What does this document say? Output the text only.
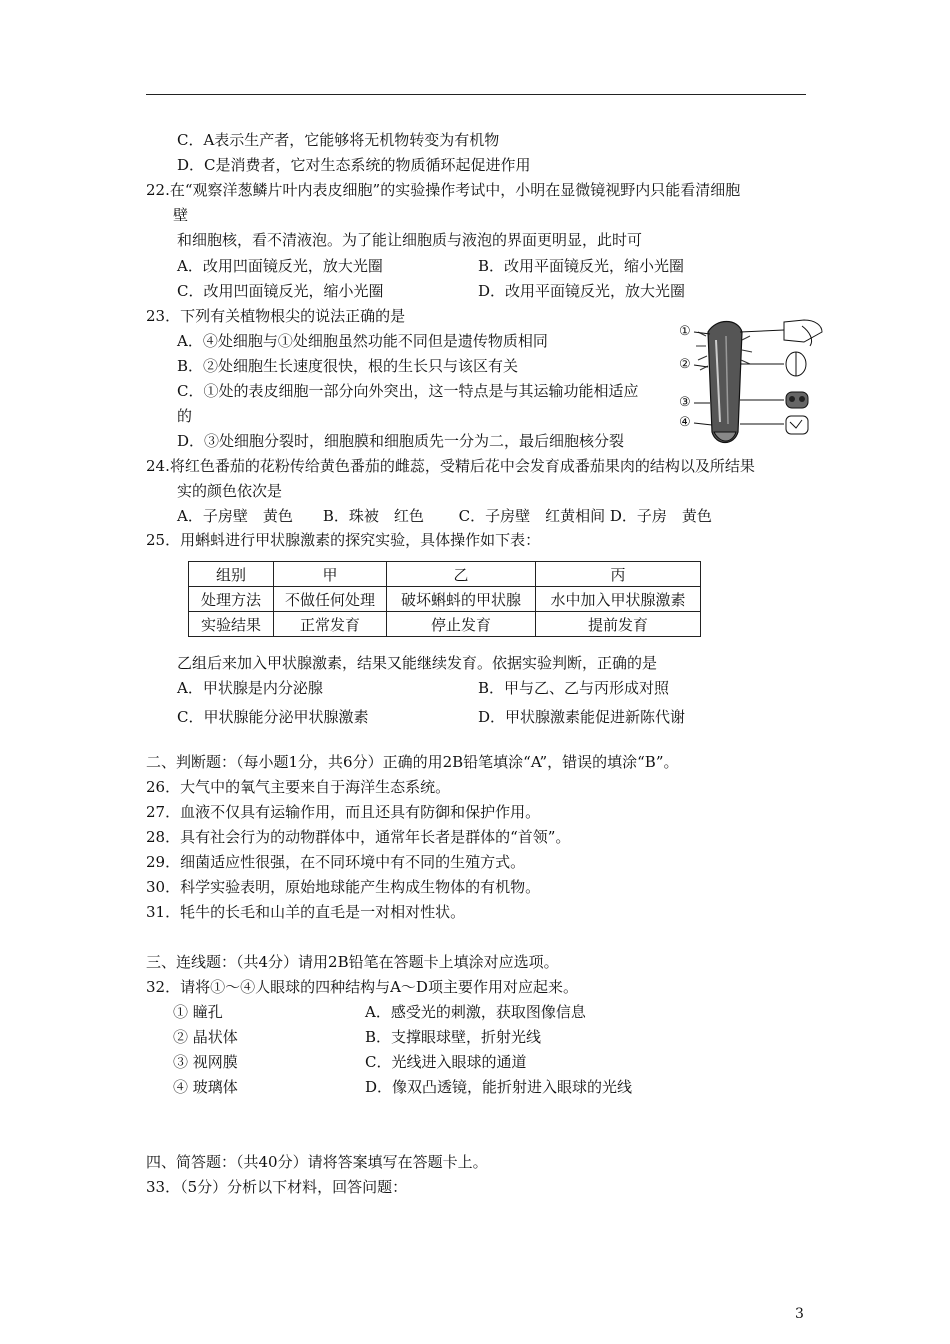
C．A表示生产者，它能够将无机物转变为有机物
D．C是消费者，它对生态系统的物质循环起促进作用
22.在“观察洋葱鳞片叶内表皮细胞”的实验操作考试中，小明在显微镜视野内只能看清细胞
壁
和细胞核，看不清液泡。为了能让细胞质与液泡的界面更明显，此时可
A．改用凹面镜反光，放大光圈	B．改用平面镜反光，缩小光圈
C．改用凹面镜反光，缩小光圈	D．改用平面镜反光，放大光圈
23．下列有关植物根尖的说法正确的是
A．④处细胞与①处细胞虽然功能不同但是遗传物质相同
B．②处细胞生长速度很快，根的生长只与该区有关
C．①处的表皮细胞一部分向外突出，这一特点是与其运输功能相适应
的
D．③处细胞分裂时，细胞膜和细胞质先一分为二，最后细胞核分裂
①
②
③
④
24.将红色番茄的花粉传给黄色番茄的雌蕊，受精后花中会发育成番茄果肉的结构以及所结果
实的颜色依次是
A．子房壁　黄色　　B．珠被　红色　　 C．子房壁　红黄相间 D．子房　黄色
25．用蝌蚪进行甲状腺激素的探究实验，具体操作如下表：
组别	甲	乙	丙
处理方法	不做任何处理	破坏蝌蚪的甲状腺	水中加入甲状腺激素
实验结果	正常发育	停止发育	提前发育
乙组后来加入甲状腺激素，结果又能继续发育。依据实验判断，正确的是
A．甲状腺是内分泌腺	B．甲与乙、乙与丙形成对照
C．甲状腺能分泌甲状腺激素	D．甲状腺激素能促进新陈代谢
二、判断题：（每小题1分，共6分）正确的用2B铅笔填涂“A”，错误的填涂“B”。
26．大气中的氧气主要来自于海洋生态系统。
27．血液不仅具有运输作用，而且还具有防御和保护作用。
28．具有社会行为的动物群体中，通常年长者是群体的“首领”。
29．细菌适应性很强，在不同环境中有不同的生殖方式。
30．科学实验表明，原始地球能产生构成生物体的有机物。
31．牦牛的长毛和山羊的直毛是一对相对性状。
三、连线题：（共4分）请用2B铅笔在答题卡上填涂对应选项。
32．请将①～④人眼球的四种结构与A～D项主要作用对应起来。
① 瞳孔	A．感受光的刺激，获取图像信息
② 晶状体	B．支撑眼球壁，折射光线
③ 视网膜	C．光线进入眼球的通道
④ 玻璃体	D．像双凸透镜，能折射进入眼球的光线
四、简答题：（共40分）请将答案填写在答题卡上。
33．（5分）分析以下材料，回答问题：
3
